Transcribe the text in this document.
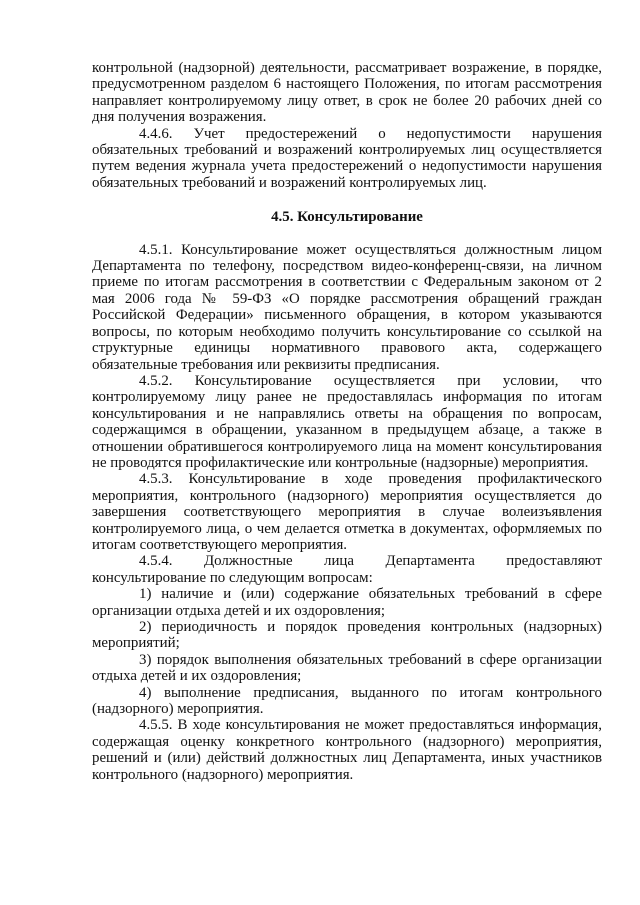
контрольной (надзорной) деятельности, рассматривает возражение, в порядке, предусмотренном разделом 6 настоящего Положения, по итогам рассмотрения направляет контролируемому лицу ответ, в срок не более 20 рабочих дней со дня получения возражения.

4.4.6. Учет предостережений о недопустимости нарушения обязательных требований и возражений контролируемых лиц осуществляется путем ведения журнала учета предостережений о недопустимости нарушения обязательных требований и возражений контролируемых лиц.

4.5. Консультирование

4.5.1. Консультирование может осуществляться должностным лицом Департамента по телефону, посредством видео-конференц-связи, на личном приеме по итогам рассмотрения в соответствии с Федеральным законом от 2 мая 2006 года № 59-ФЗ «О порядке рассмотрения обращений граждан Российской Федерации» письменного обращения, в котором указываются вопросы, по которым необходимо получить консультирование со ссылкой на структурные единицы нормативного правового акта, содержащего обязательные требования или реквизиты предписания.

4.5.2. Консультирование осуществляется при условии, что контролируемому лицу ранее не предоставлялась информация по итогам консультирования и не направлялись ответы на обращения по вопросам, содержащимся в обращении, указанном в предыдущем абзаце, а также в отношении обратившегося контролируемого лица на момент консультирования не проводятся профилактические или контрольные (надзорные) мероприятия.

4.5.3. Консультирование в ходе проведения профилактического мероприятия, контрольного (надзорного) мероприятия осуществляется до завершения соответствующего мероприятия в случае волеизъявления контролируемого лица, о чем делается отметка в документах, оформляемых по итогам соответствующего мероприятия.

4.5.4. Должностные лица Департамента предоставляют консультирование по следующим вопросам:

1) наличие и (или) содержание обязательных требований в сфере организации отдыха детей и их оздоровления;

2) периодичность и порядок проведения контрольных (надзорных) мероприятий;

3) порядок выполнения обязательных требований в сфере организации отдыха детей и их оздоровления;

4) выполнение предписания, выданного по итогам контрольного (надзорного) мероприятия.

4.5.5. В ходе консультирования не может предоставляться информация, содержащая оценку конкретного контрольного (надзорного) мероприятия, решений и (или) действий должностных лиц Департамента, иных участников контрольного (надзорного) мероприятия.
